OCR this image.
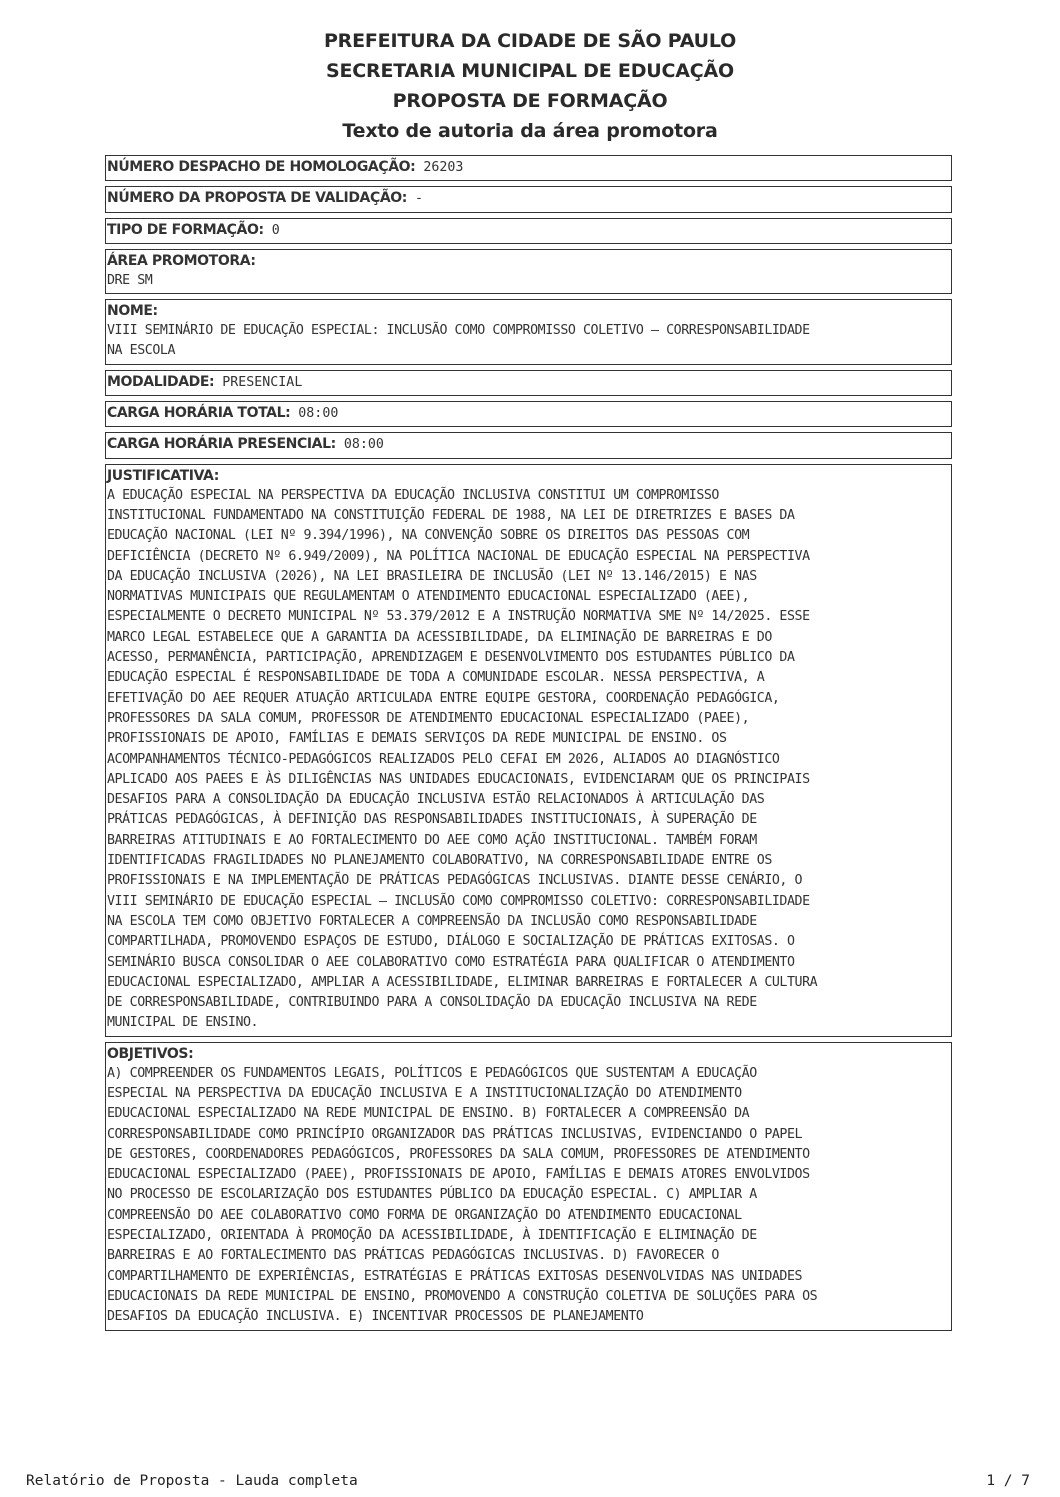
PREFEITURA DA CIDADE DE SÃO PAULO
SECRETARIA MUNICIPAL DE EDUCAÇÃO
PROPOSTA DE FORMAÇÃO
Texto de autoria da área promotora
NÚMERO DESPACHO DE HOMOLOGAÇÃO: 26203
NÚMERO DA PROPOSTA DE VALIDAÇÃO: -
TIPO DE FORMAÇÃO: 0
ÁREA PROMOTORA:
DRE SM
NOME:
VIII SEMINÁRIO DE EDUCAÇÃO ESPECIAL: INCLUSÃO COMO COMPROMISSO COLETIVO — CORRESPONSABILIDADE
NA ESCOLA
MODALIDADE: PRESENCIAL
CARGA HORÁRIA TOTAL: 08:00
CARGA HORÁRIA PRESENCIAL: 08:00
JUSTIFICATIVA:
A EDUCAÇÃO ESPECIAL NA PERSPECTIVA DA EDUCAÇÃO INCLUSIVA CONSTITUI UM COMPROMISSO
INSTITUCIONAL FUNDAMENTADO NA CONSTITUIÇÃO FEDERAL DE 1988, NA LEI DE DIRETRIZES E BASES DA
EDUCAÇÃO NACIONAL (LEI Nº 9.394/1996), NA CONVENÇÃO SOBRE OS DIREITOS DAS PESSOAS COM
DEFICIÊNCIA (DECRETO Nº 6.949/2009), NA POLÍTICA NACIONAL DE EDUCAÇÃO ESPECIAL NA PERSPECTIVA
DA EDUCAÇÃO INCLUSIVA (2026), NA LEI BRASILEIRA DE INCLUSÃO (LEI Nº 13.146/2015) E NAS
NORMATIVAS MUNICIPAIS QUE REGULAMENTAM O ATENDIMENTO EDUCACIONAL ESPECIALIZADO (AEE),
ESPECIALMENTE O DECRETO MUNICIPAL Nº 53.379/2012 E A INSTRUÇÃO NORMATIVA SME Nº 14/2025. ESSE
MARCO LEGAL ESTABELECE QUE A GARANTIA DA ACESSIBILIDADE, DA ELIMINAÇÃO DE BARREIRAS E DO
ACESSO, PERMANÊNCIA, PARTICIPAÇÃO, APRENDIZAGEM E DESENVOLVIMENTO DOS ESTUDANTES PÚBLICO DA
EDUCAÇÃO ESPECIAL É RESPONSABILIDADE DE TODA A COMUNIDADE ESCOLAR. NESSA PERSPECTIVA, A
EFETIVAÇÃO DO AEE REQUER ATUAÇÃO ARTICULADA ENTRE EQUIPE GESTORA, COORDENAÇÃO PEDAGÓGICA,
PROFESSORES DA SALA COMUM, PROFESSOR DE ATENDIMENTO EDUCACIONAL ESPECIALIZADO (PAEE),
PROFISSIONAIS DE APOIO, FAMÍLIAS E DEMAIS SERVIÇOS DA REDE MUNICIPAL DE ENSINO. OS
ACOMPANHAMENTOS TÉCNICO-PEDAGÓGICOS REALIZADOS PELO CEFAI EM 2026, ALIADOS AO DIAGNÓSTICO
APLICADO AOS PAEES E ÀS DILIGÊNCIAS NAS UNIDADES EDUCACIONAIS, EVIDENCIARAM QUE OS PRINCIPAIS
DESAFIOS PARA A CONSOLIDAÇÃO DA EDUCAÇÃO INCLUSIVA ESTÃO RELACIONADOS À ARTICULAÇÃO DAS
PRÁTICAS PEDAGÓGICAS, À DEFINIÇÃO DAS RESPONSABILIDADES INSTITUCIONAIS, À SUPERAÇÃO DE
BARREIRAS ATITUDINAIS E AO FORTALECIMENTO DO AEE COMO AÇÃO INSTITUCIONAL. TAMBÉM FORAM
IDENTIFICADAS FRAGILIDADES NO PLANEJAMENTO COLABORATIVO, NA CORRESPONSABILIDADE ENTRE OS
PROFISSIONAIS E NA IMPLEMENTAÇÃO DE PRÁTICAS PEDAGÓGICAS INCLUSIVAS. DIANTE DESSE CENÁRIO, O
VIII SEMINÁRIO DE EDUCAÇÃO ESPECIAL — INCLUSÃO COMO COMPROMISSO COLETIVO: CORRESPONSABILIDADE
NA ESCOLA TEM COMO OBJETIVO FORTALECER A COMPREENSÃO DA INCLUSÃO COMO RESPONSABILIDADE
COMPARTILHADA, PROMOVENDO ESPAÇOS DE ESTUDO, DIÁLOGO E SOCIALIZAÇÃO DE PRÁTICAS EXITOSAS. O
SEMINÁRIO BUSCA CONSOLIDAR O AEE COLABORATIVO COMO ESTRATÉGIA PARA QUALIFICAR O ATENDIMENTO
EDUCACIONAL ESPECIALIZADO, AMPLIAR A ACESSIBILIDADE, ELIMINAR BARREIRAS E FORTALECER A CULTURA
DE CORRESPONSABILIDADE, CONTRIBUINDO PARA A CONSOLIDAÇÃO DA EDUCAÇÃO INCLUSIVA NA REDE
MUNICIPAL DE ENSINO.
OBJETIVOS:
A) COMPREENDER OS FUNDAMENTOS LEGAIS, POLÍTICOS E PEDAGÓGICOS QUE SUSTENTAM A EDUCAÇÃO
ESPECIAL NA PERSPECTIVA DA EDUCAÇÃO INCLUSIVA E A INSTITUCIONALIZAÇÃO DO ATENDIMENTO
EDUCACIONAL ESPECIALIZADO NA REDE MUNICIPAL DE ENSINO. B) FORTALECER A COMPREENSÃO DA
CORRESPONSABILIDADE COMO PRINCÍPIO ORGANIZADOR DAS PRÁTICAS INCLUSIVAS, EVIDENCIANDO O PAPEL
DE GESTORES, COORDENADORES PEDAGÓGICOS, PROFESSORES DA SALA COMUM, PROFESSORES DE ATENDIMENTO
EDUCACIONAL ESPECIALIZADO (PAEE), PROFISSIONAIS DE APOIO, FAMÍLIAS E DEMAIS ATORES ENVOLVIDOS
NO PROCESSO DE ESCOLARIZAÇÃO DOS ESTUDANTES PÚBLICO DA EDUCAÇÃO ESPECIAL. C) AMPLIAR A
COMPREENSÃO DO AEE COLABORATIVO COMO FORMA DE ORGANIZAÇÃO DO ATENDIMENTO EDUCACIONAL
ESPECIALIZADO, ORIENTADA À PROMOÇÃO DA ACESSIBILIDADE, À IDENTIFICAÇÃO E ELIMINAÇÃO DE
BARREIRAS E AO FORTALECIMENTO DAS PRÁTICAS PEDAGÓGICAS INCLUSIVAS. D) FAVORECER O
COMPARTILHAMENTO DE EXPERIÊNCIAS, ESTRATÉGIAS E PRÁTICAS EXITOSAS DESENVOLVIDAS NAS UNIDADES
EDUCACIONAIS DA REDE MUNICIPAL DE ENSINO, PROMOVENDO A CONSTRUÇÃO COLETIVA DE SOLUÇÕES PARA OS
DESAFIOS DA EDUCAÇÃO INCLUSIVA. E) INCENTIVAR PROCESSOS DE PLANEJAMENTO
Relatório de Proposta - Lauda completa	1 / 7
